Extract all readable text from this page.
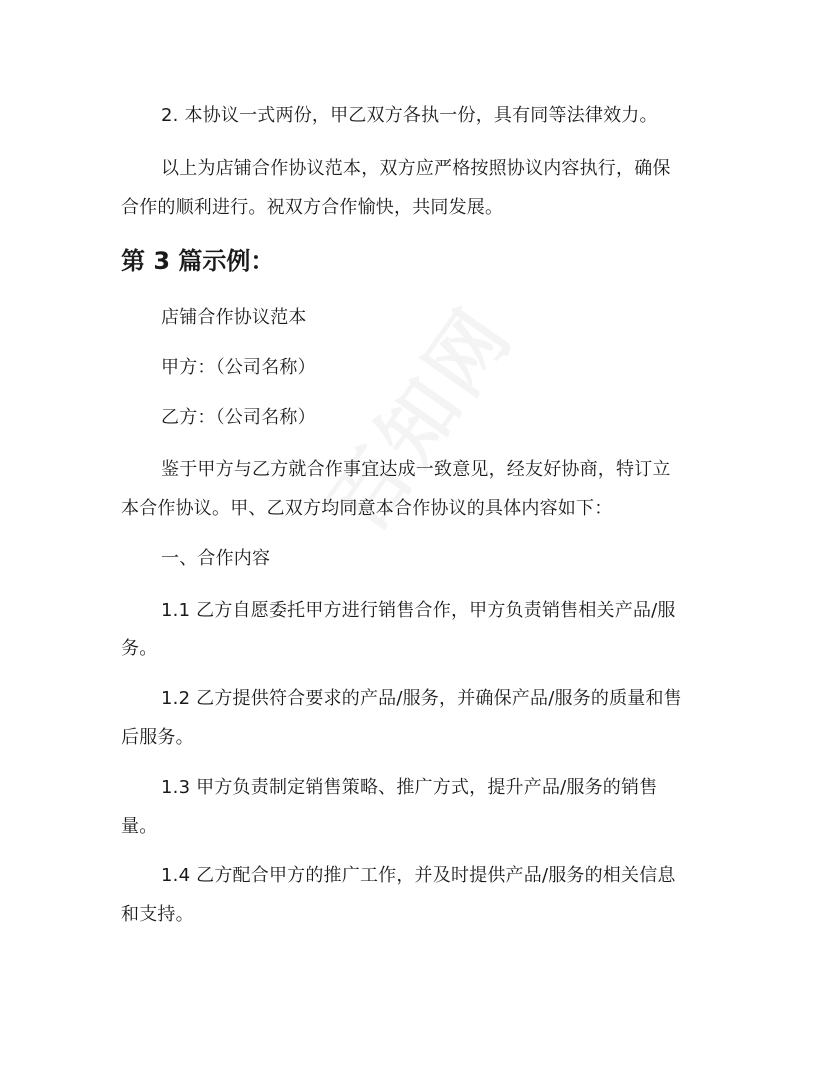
2. 本协议一式两份，甲乙双方各执一份，具有同等法律效力。
以上为店铺合作协议范本，双方应严格按照协议内容执行，确保
合作的顺利进行。祝双方合作愉快，共同发展。
第 3 篇示例：
店铺合作协议范本
甲方：（公司名称）
乙方：（公司名称）
鉴于甲方与乙方就合作事宜达成一致意见，经友好协商，特订立
本合作协议。甲、乙双方均同意本合作协议的具体内容如下：
一、合作内容
1.1 乙方自愿委托甲方进行销售合作，甲方负责销售相关产品/服
务。
1.2 乙方提供符合要求的产品/服务，并确保产品/服务的质量和售
后服务。
1.3 甲方负责制定销售策略、推广方式，提升产品/服务的销售
量。
1.4 乙方配合甲方的推广工作，并及时提供产品/服务的相关信息
和支持。
